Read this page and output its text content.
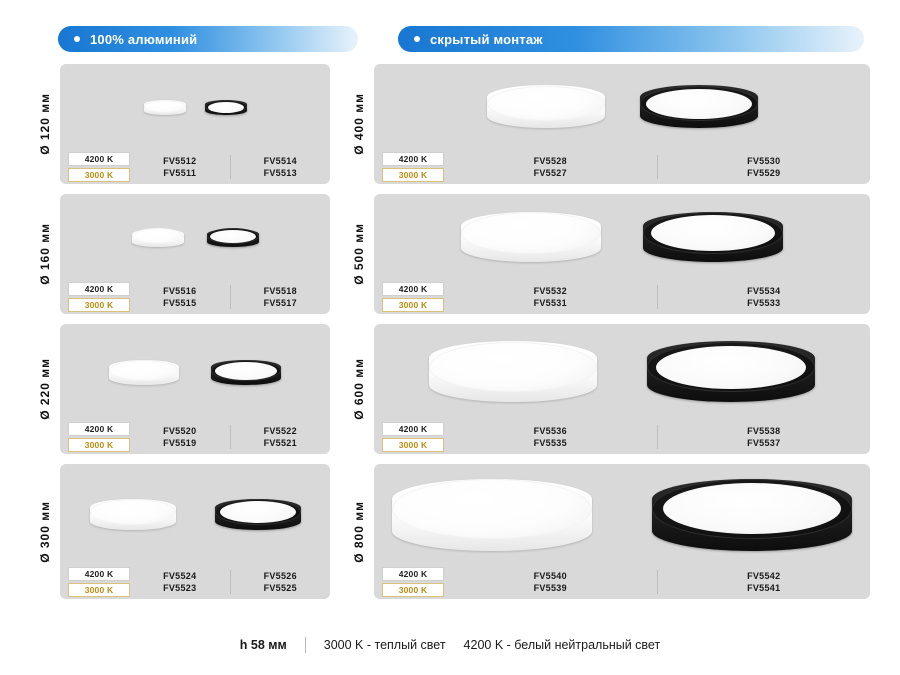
100% алюминий	скрытый монтаж
Ø 120 мм
4200 K
3000 K
FV5512
FV5511
FV5514
FV5513
Ø 160 мм
4200 K
3000 K
FV5516
FV5515
FV5518
FV5517
Ø 220 мм
4200 K
3000 K
FV5520
FV5519
FV5522
FV5521
Ø 300 мм
4200 K
3000 K
FV5524
FV5523
FV5526
FV5525
Ø 400 мм
4200 K
3000 K
FV5528
FV5527
FV5530
FV5529
Ø 500 мм
4200 K
3000 K
FV5532
FV5531
FV5534
FV5533
Ø 600 мм
4200 K
3000 K
FV5536
FV5535
FV5538
FV5537
Ø 800 мм
4200 K
3000 K
FV5540
FV5539
FV5542
FV5541
h 58 мм	3000 K - теплый свет 4200 K - белый нейтральный свет
